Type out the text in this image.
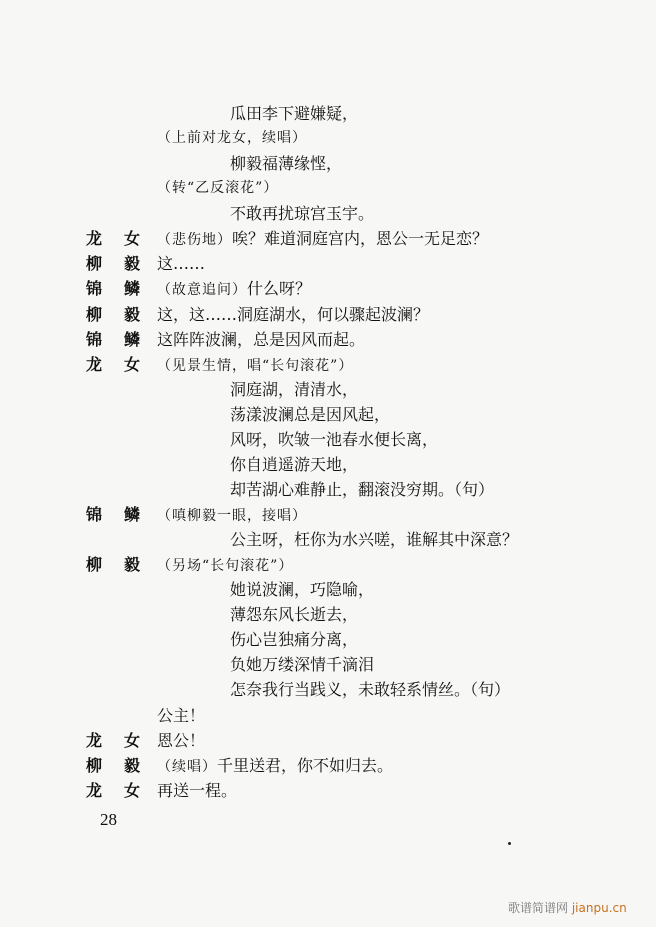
瓜田李下避嫌疑，
（上前对龙女，续唱）
柳毅福薄缘悭，
（转“乙反滚花”）
不敢再扰琼宫玉宇。
龙 女 （悲伤地）唉？难道洞庭宫内，恩公一无足恋？
柳 毅 这……
锦 鳞 （故意追问）什么呀？
柳 毅 这，这……洞庭湖水，何以骤起波澜？
锦 鳞 这阵阵波澜，总是因风而起。
龙 女 （见景生情，唱“长句滚花”）
洞庭湖，清清水，
荡漾波澜总是因风起，
风呀，吹皱一池春水便长离，
你自逍遥游天地，
却苦湖心难静止，翻滚没穷期。（句）
锦 鳞 （嗔柳毅一眼，接唱）
公主呀，枉你为水兴嗟，谁解其中深意？
柳 毅 （另场“长句滚花”）
她说波澜，巧隐喻，
薄怨东风长逝去，
伤心岂独痛分离，
负她万缕深情千滴泪
怎奈我行当践义，未敢轻系情丝。（句）
公主！
龙 女 恩公！
柳 毅 （续唱）千里送君，你不如归去。
龙 女 再送一程。
28
歌谱简谱网 jianpu.cn
